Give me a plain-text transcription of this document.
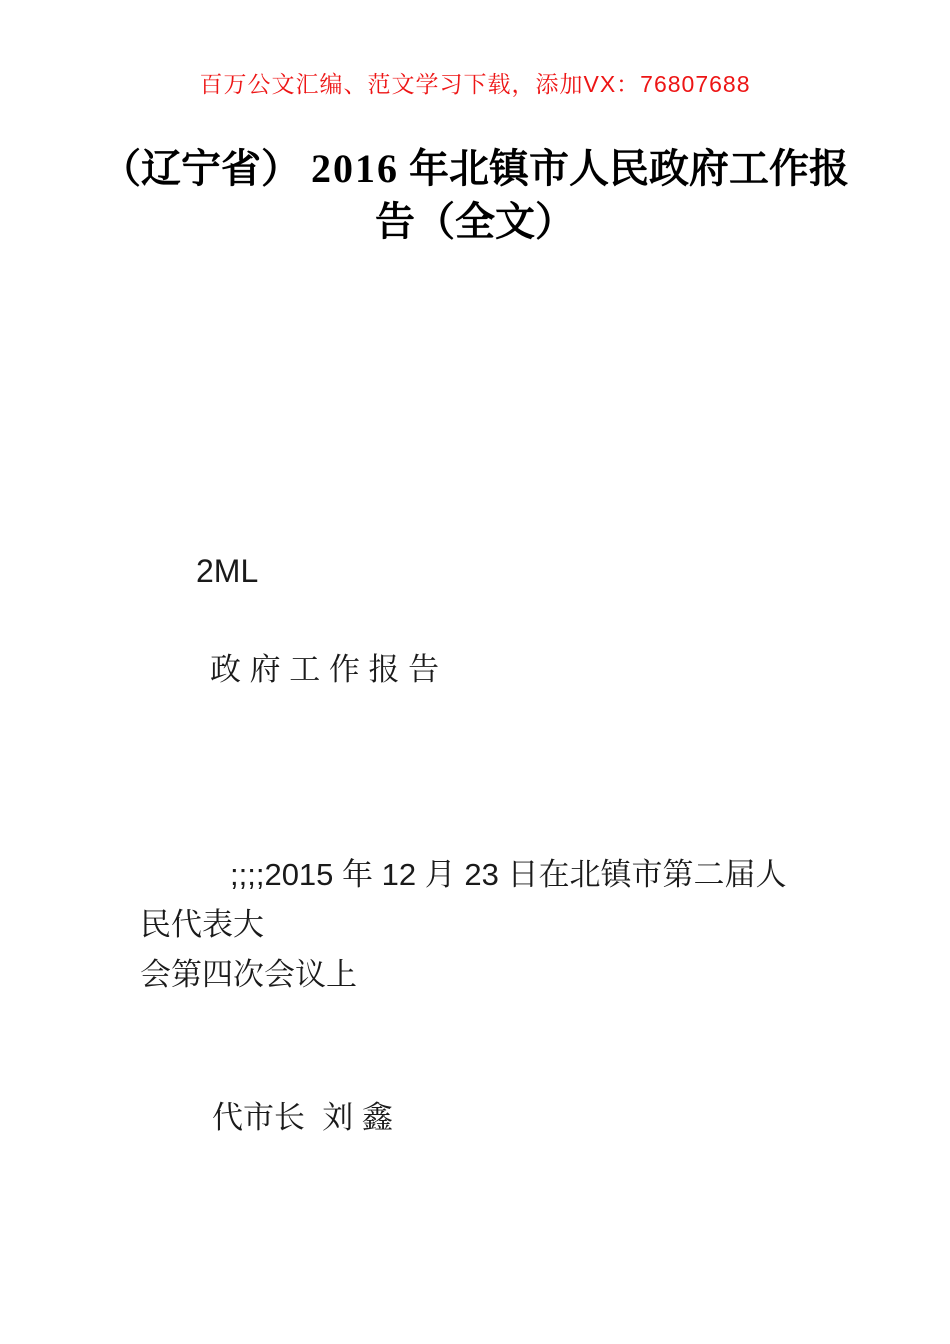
百万公文汇编、范文学习下载，添加VX：76807688
（辽宁省） 2016 年北镇市人民政府工作报
告（全文）
2ML
政 府 工 作 报 告
;;;;2015 年 12 月 23 日在北镇市第二届人民代表大
会第四次会议上
代市长  刘 鑫
